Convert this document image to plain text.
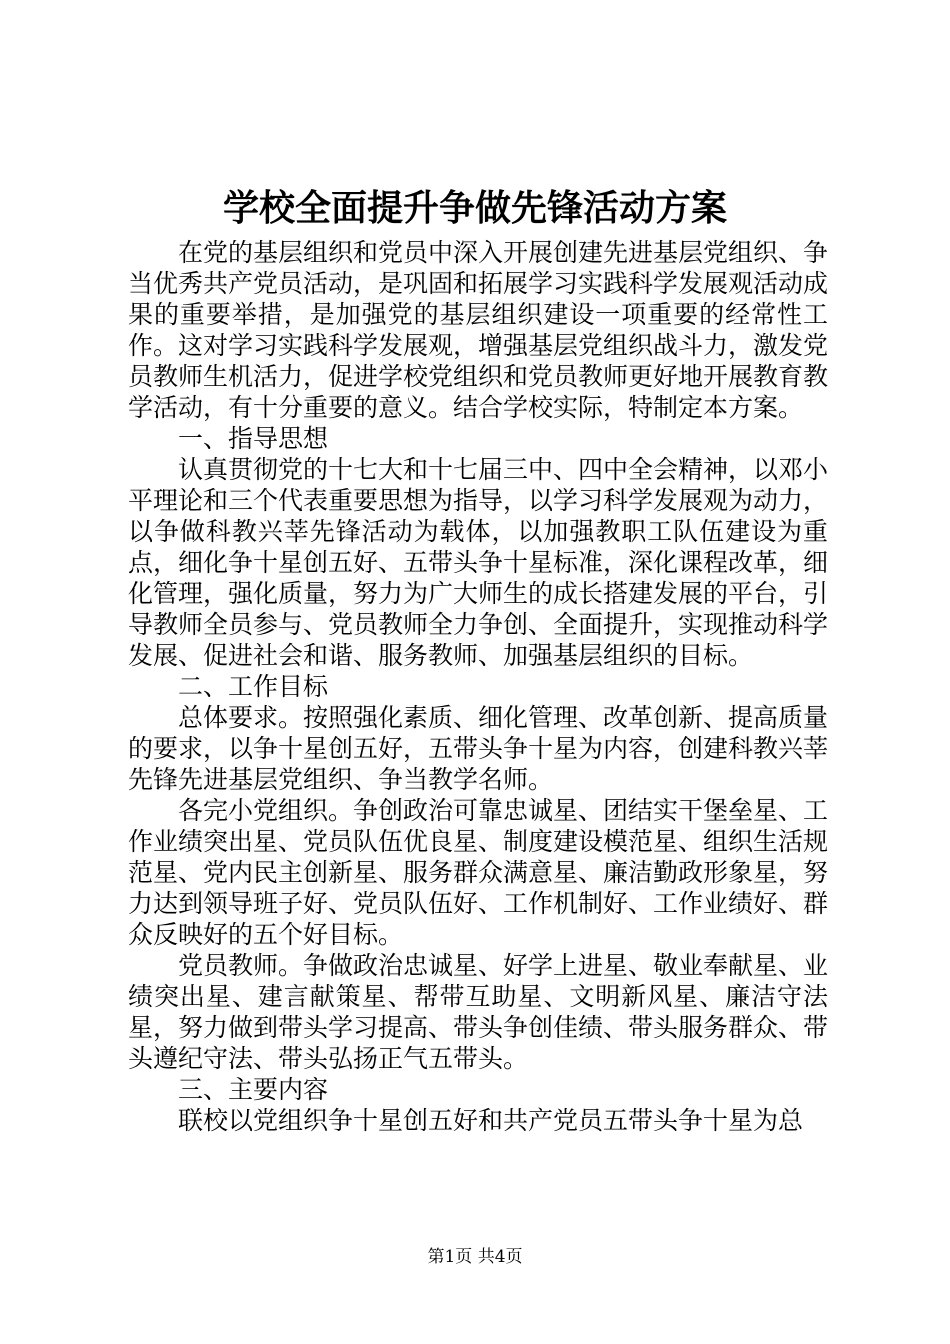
学校全面提升争做先锋活动方案

在党的基层组织和党员中深入开展创建先进基层党组织、争当优秀共产党员活动，是巩固和拓展学习实践科学发展观活动成果的重要举措，是加强党的基层组织建设一项重要的经常性工作。这对学习实践科学发展观，增强基层党组织战斗力，激发党员教师生机活力，促进学校党组织和党员教师更好地开展教育教学活动，有十分重要的意义。结合学校实际，特制定本方案。

一、指导思想

认真贯彻党的十七大和十七届三中、四中全会精神，以邓小平理论和三个代表重要思想为指导，以学习科学发展观为动力，以争做科教兴莘先锋活动为载体，以加强教职工队伍建设为重点，细化争十星创五好、五带头争十星标准，深化课程改革，细化管理，强化质量，努力为广大师生的成长搭建发展的平台，引导教师全员参与、党员教师全力争创、全面提升，实现推动科学发展、促进社会和谐、服务教师、加强基层组织的目标。

二、工作目标

总体要求。按照强化素质、细化管理、改革创新、提高质量的要求，以争十星创五好，五带头争十星为内容，创建科教兴莘先锋先进基层党组织、争当教学名师。

各完小党组织。争创政治可靠忠诚星、团结实干堡垒星、工作业绩突出星、党员队伍优良星、制度建设模范星、组织生活规范星、党内民主创新星、服务群众满意星、廉洁勤政形象星，努力达到领导班子好、党员队伍好、工作机制好、工作业绩好、群众反映好的五个好目标。

党员教师。争做政治忠诚星、好学上进星、敬业奉献星、业绩突出星、建言献策星、帮带互助星、文明新风星、廉洁守法星，努力做到带头学习提高、带头争创佳绩、带头服务群众、带头遵纪守法、带头弘扬正气五带头。

三、主要内容

联校以党组织争十星创五好和共产党员五带头争十星为总

第1页 共4页
